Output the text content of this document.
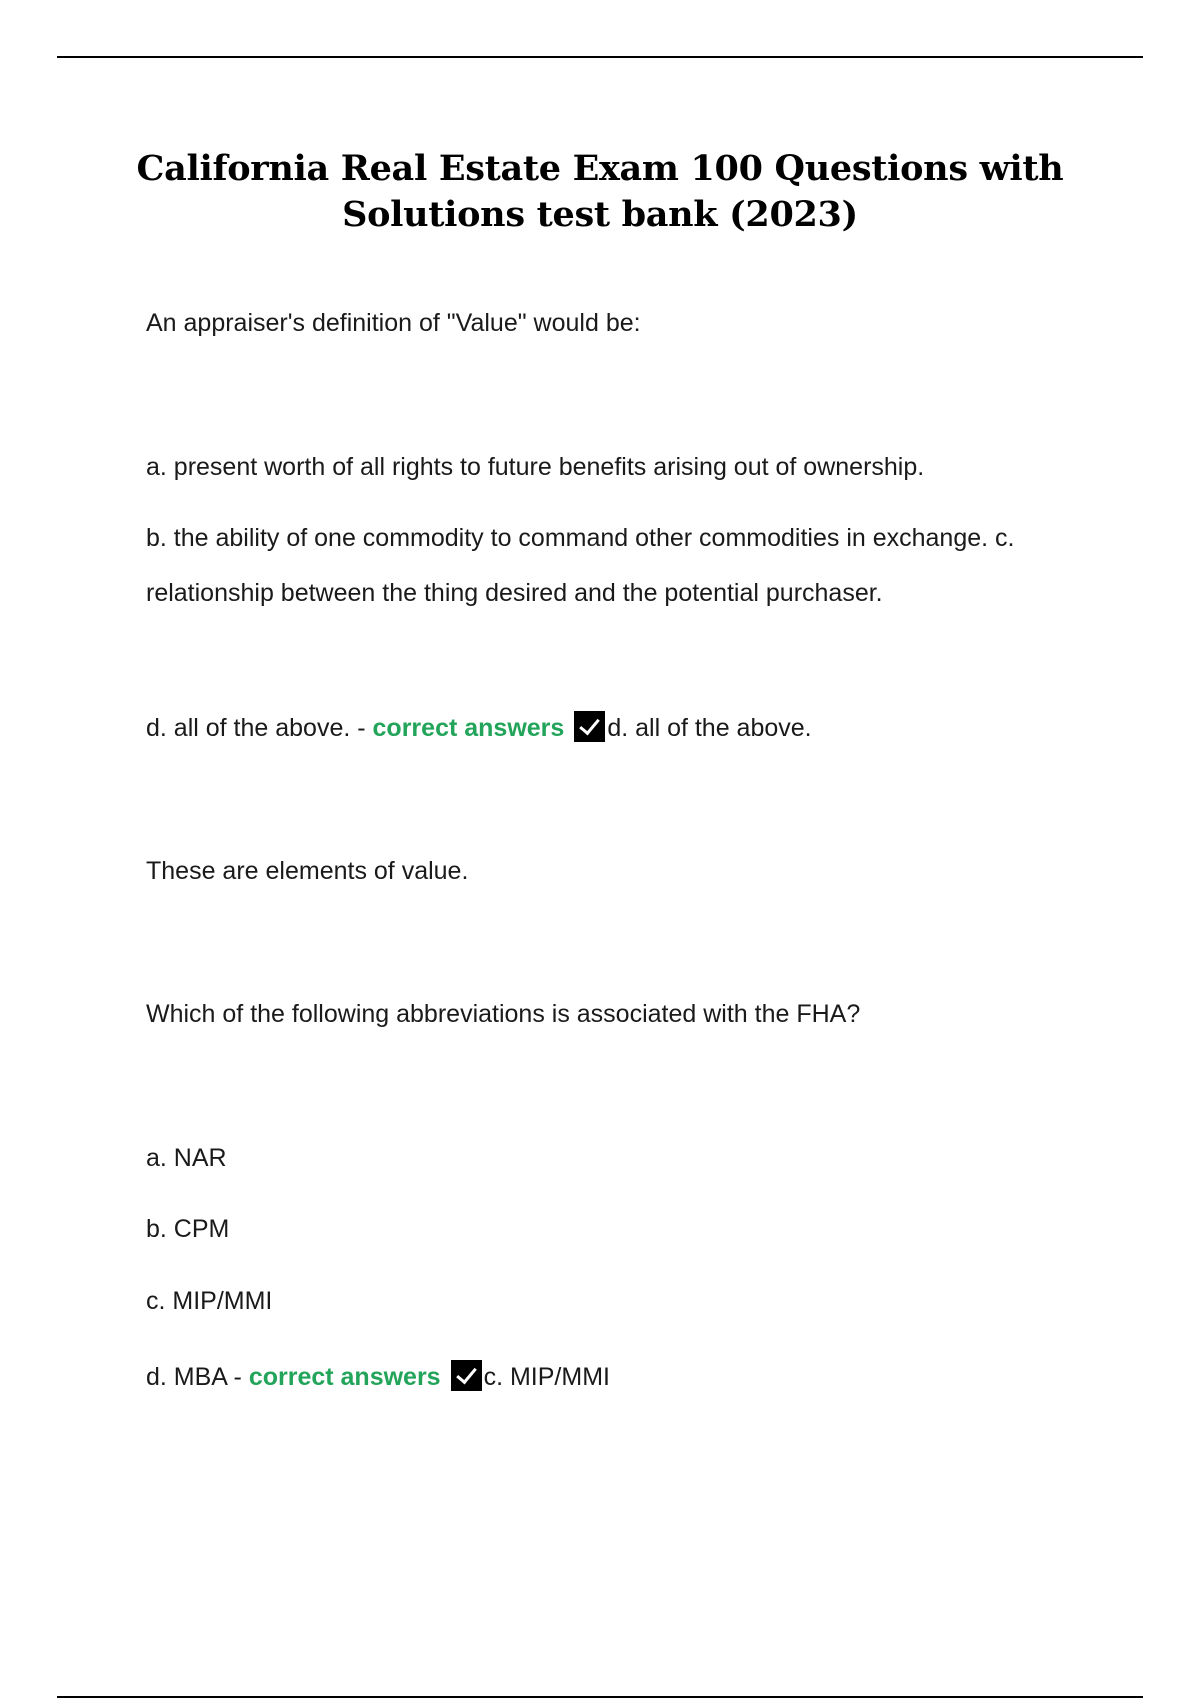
California Real Estate Exam 100 Questions with
Solutions test bank (2023)
An appraiser's definition of "Value" would be:
a. present worth of all rights to future benefits arising out of ownership.
b. the ability of one commodity to command other commodities in exchange. c. relationship between the thing desired and the potential purchaser.
d. all of the above. - correct answers d. all of the above.
These are elements of value.
Which of the following abbreviations is associated with the FHA?
a. NAR
b. CPM
c. MIP/MMI
d. MBA - correct answers c. MIP/MMI
